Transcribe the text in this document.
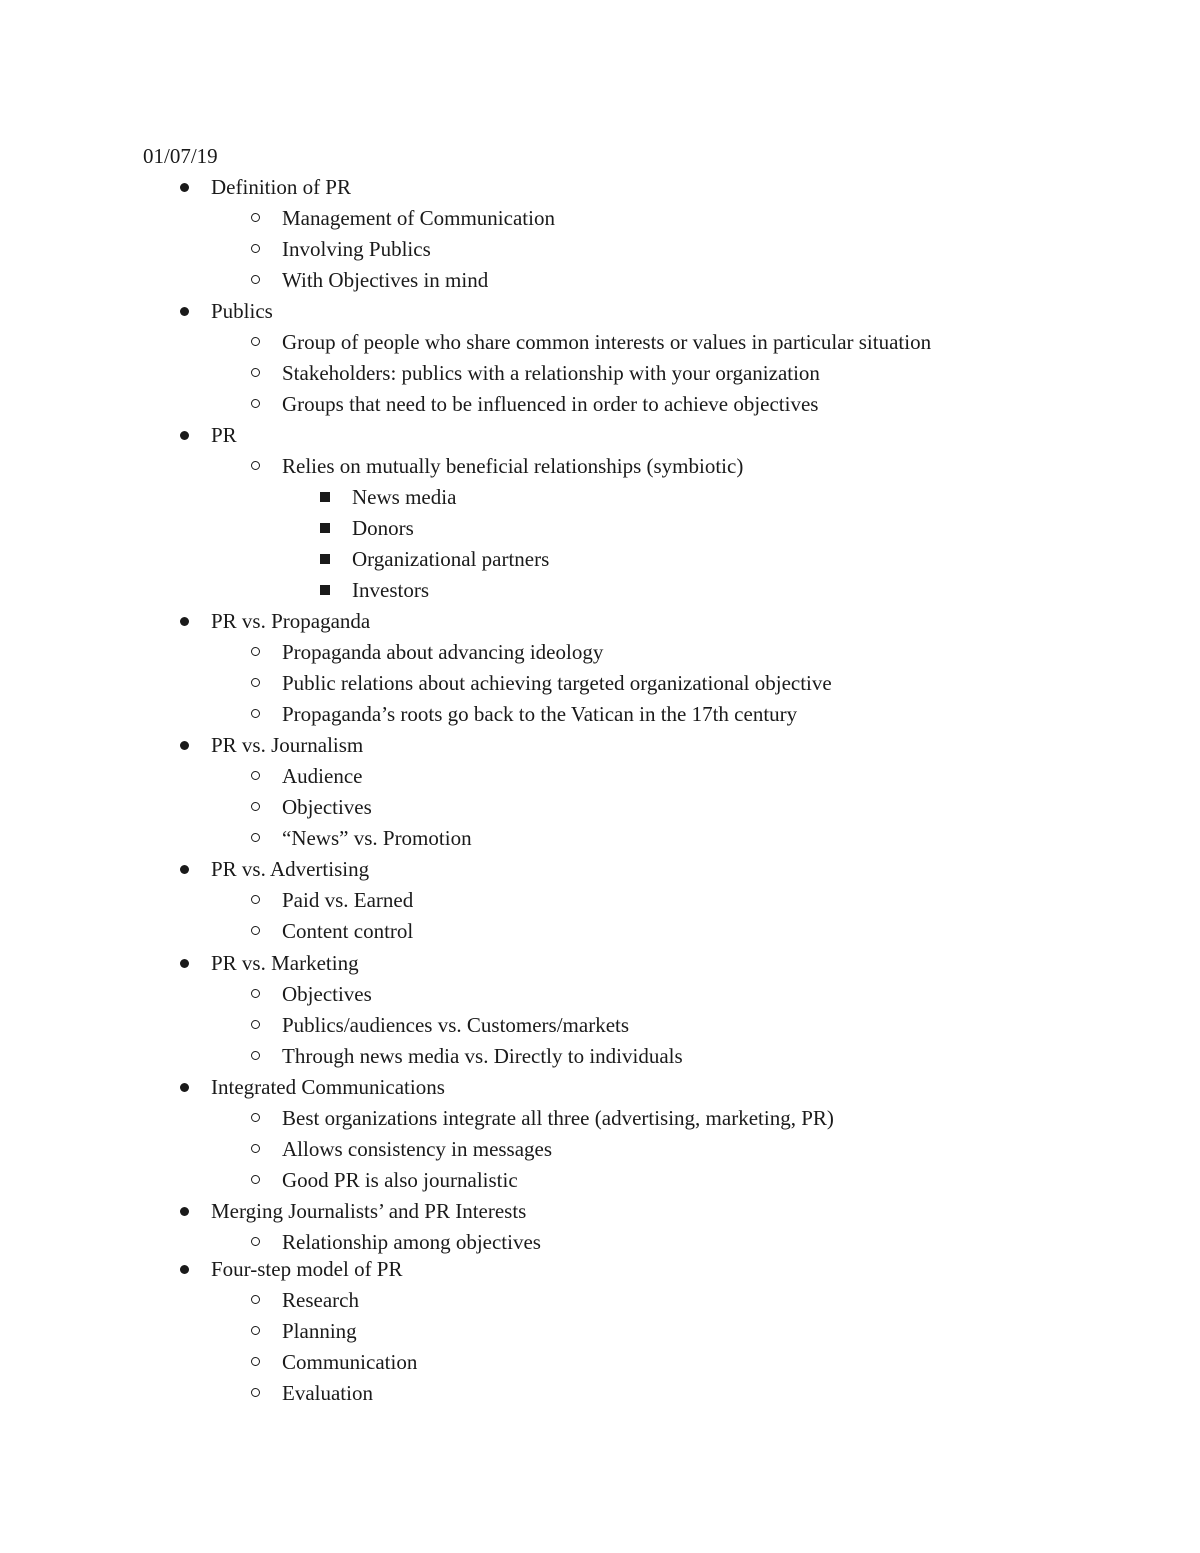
01/07/19
Definition of PR
Management of Communication
Involving Publics
With Objectives in mind
Publics
Group of people who share common interests or values in particular situation
Stakeholders: publics with a relationship with your organization
Groups that need to be influenced in order to achieve objectives
PR
Relies on mutually beneficial relationships (symbiotic)
News media
Donors
Organizational partners
Investors
PR vs. Propaganda
Propaganda about advancing ideology
Public relations about achieving targeted organizational objective
Propaganda’s roots go back to the Vatican in the 17th century
PR vs. Journalism
Audience
Objectives
“News” vs. Promotion
PR vs. Advertising
Paid vs. Earned
Content control
PR vs. Marketing
Objectives
Publics/audiences vs. Customers/markets
Through news media vs. Directly to individuals
Integrated Communications
Best organizations integrate all three (advertising, marketing, PR)
Allows consistency in messages
Good PR is also journalistic
Merging Journalists’ and PR Interests
Relationship among objectives
Four-step model of PR
Research
Planning
Communication
Evaluation
